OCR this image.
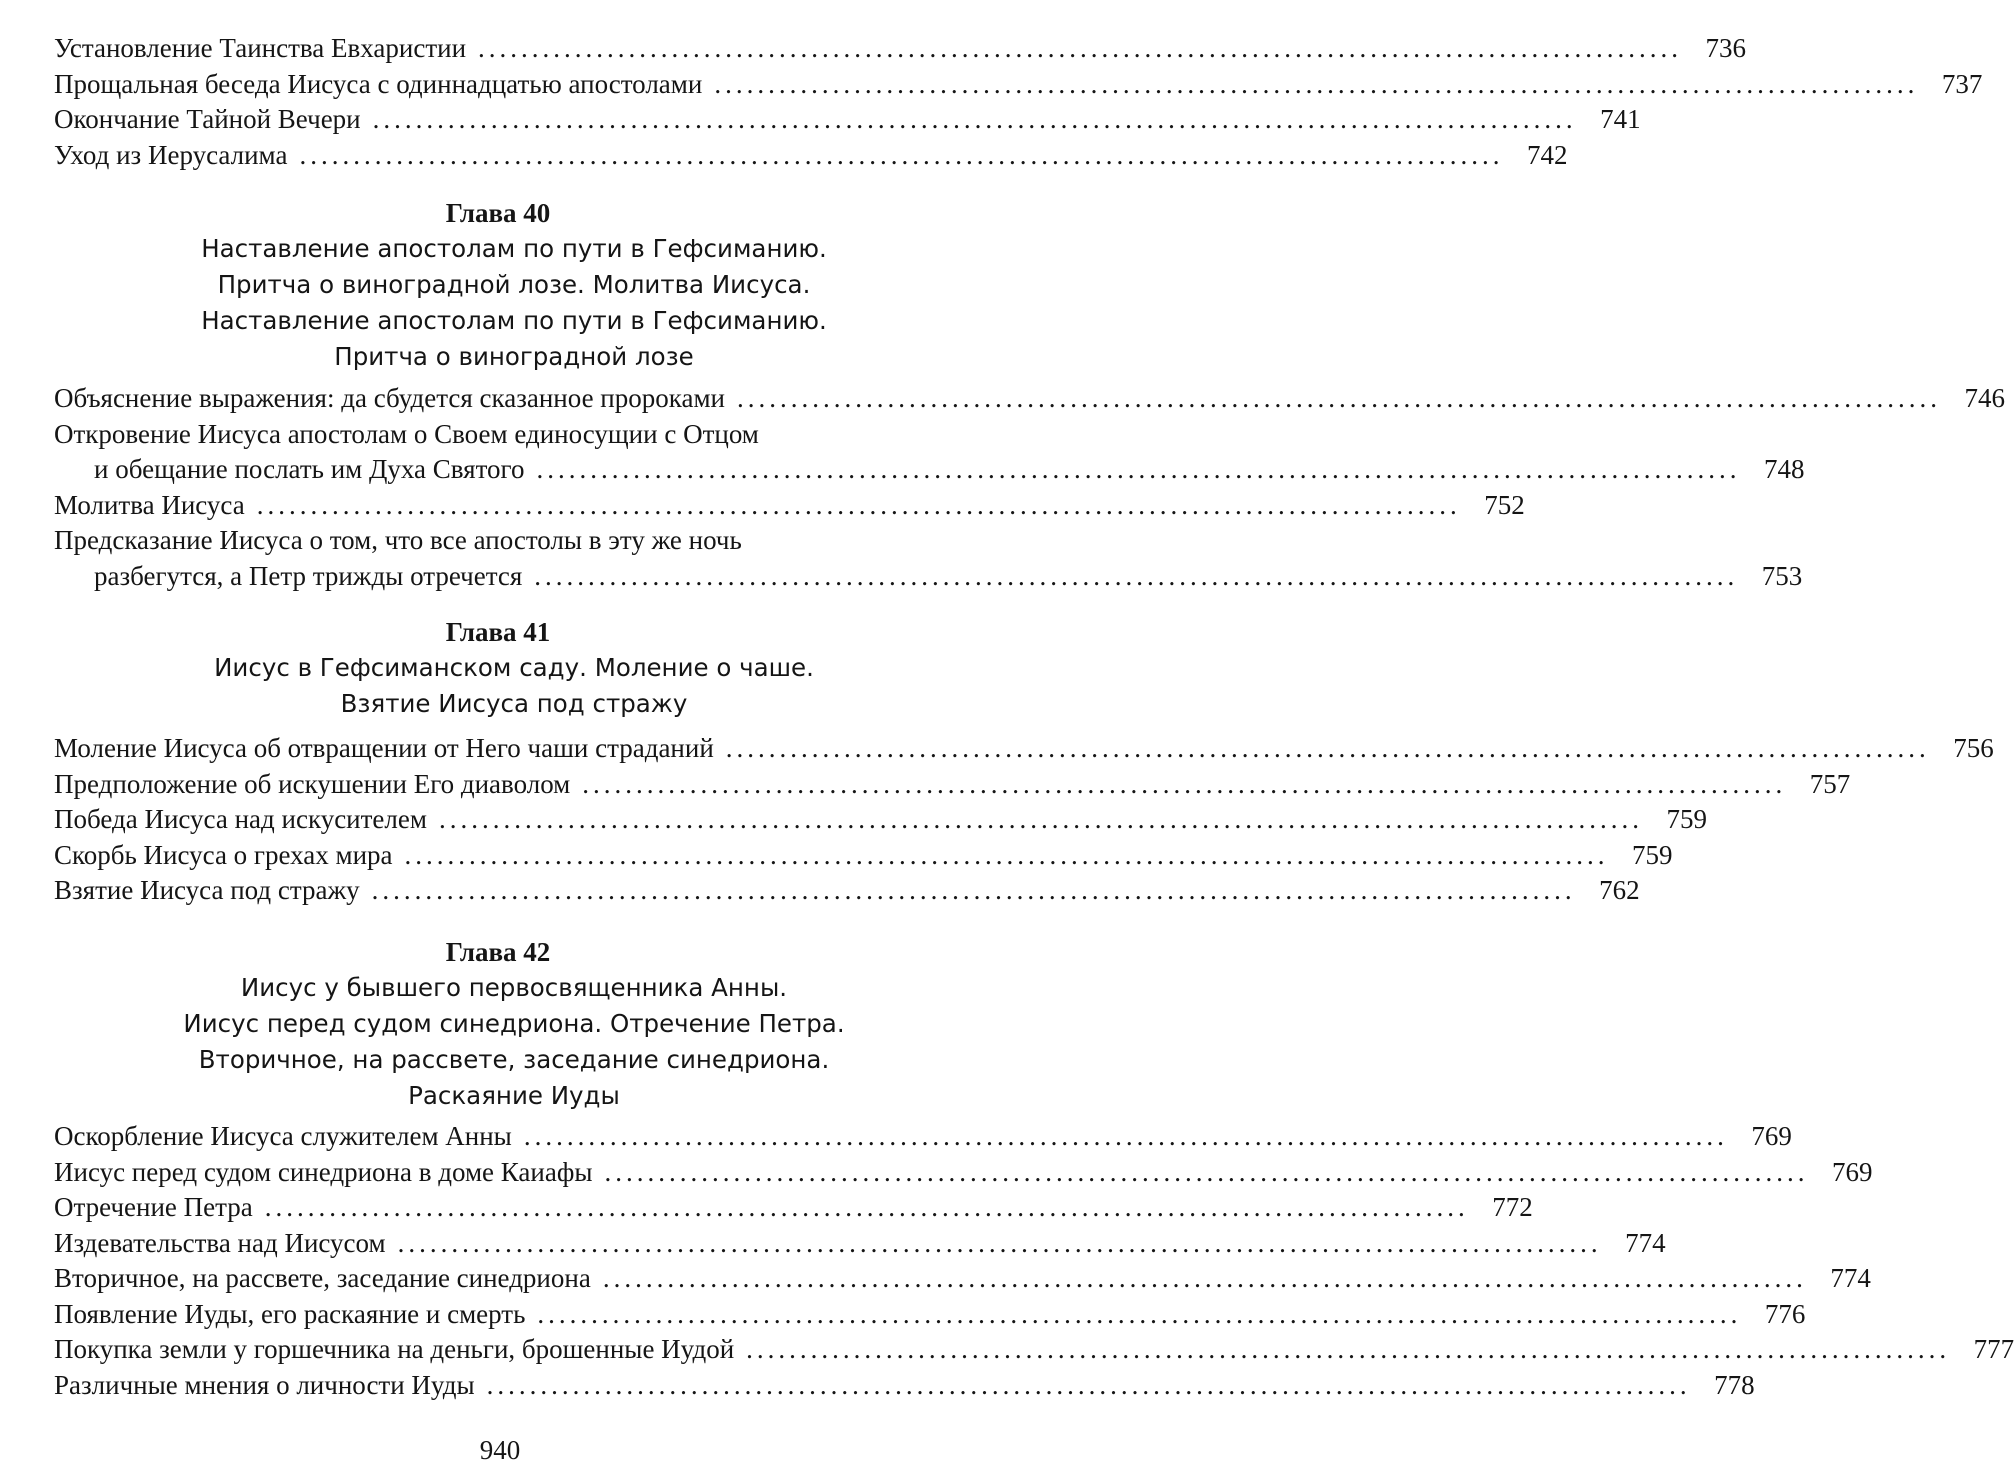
Установление Таинства Евхаристии ................................................................................................................ 736
Прощальная беседа Иисуса с одиннадцатью апостолами ................................................................................................................ 737
Окончание Тайной Вечери ................................................................................................................ 741
Уход из Иерусалима ................................................................................................................ 742
Глава 40
Наставление апостолам по пути в Гефсиманию.
Притча о виноградной лозе. Молитва Иисуса.
Наставление апостолам по пути в Гефсиманию.
Притча о виноградной лозе
Объяснение выражения: да сбудется сказанное пророками ................................................................................................................ 746
Откровение Иисуса апостолам о Своем единосущии с Отцом
и обещание послать им Духа Святого ................................................................................................................ 748
Молитва Иисуса ................................................................................................................ 752
Предсказание Иисуса о том, что все апостолы в эту же ночь
разбегутся, а Петр трижды отречется ................................................................................................................ 753
Глава 41
Иисус в Гефсиманском саду. Моление о чаше.
Взятие Иисуса под стражу
Моление Иисуса об отвращении от Него чаши страданий ................................................................................................................ 756
Предположение об искушении Его диаволом ................................................................................................................ 757
Победа Иисуса над искусителем ................................................................................................................ 759
Скорбь Иисуса о грехах мира ................................................................................................................ 759
Взятие Иисуса под стражу ................................................................................................................ 762
Глава 42
Иисус у бывшего первосвященника Анны.
Иисус перед судом синедриона. Отречение Петра.
Вторичное, на рассвете, заседание синедриона.
Раскаяние Иуды
Оскорбление Иисуса служителем Анны ................................................................................................................ 769
Иисус перед судом синедриона в доме Каиафы ................................................................................................................ 769
Отречение Петра ................................................................................................................ 772
Издевательства над Иисусом ................................................................................................................ 774
Вторичное, на рассвете, заседание синедриона ................................................................................................................ 774
Появление Иуды, его раскаяние и смерть ................................................................................................................ 776
Покупка земли у горшечника на деньги, брошенные Иудой ................................................................................................................ 777
Различные мнения о личности Иуды ................................................................................................................ 778
940
